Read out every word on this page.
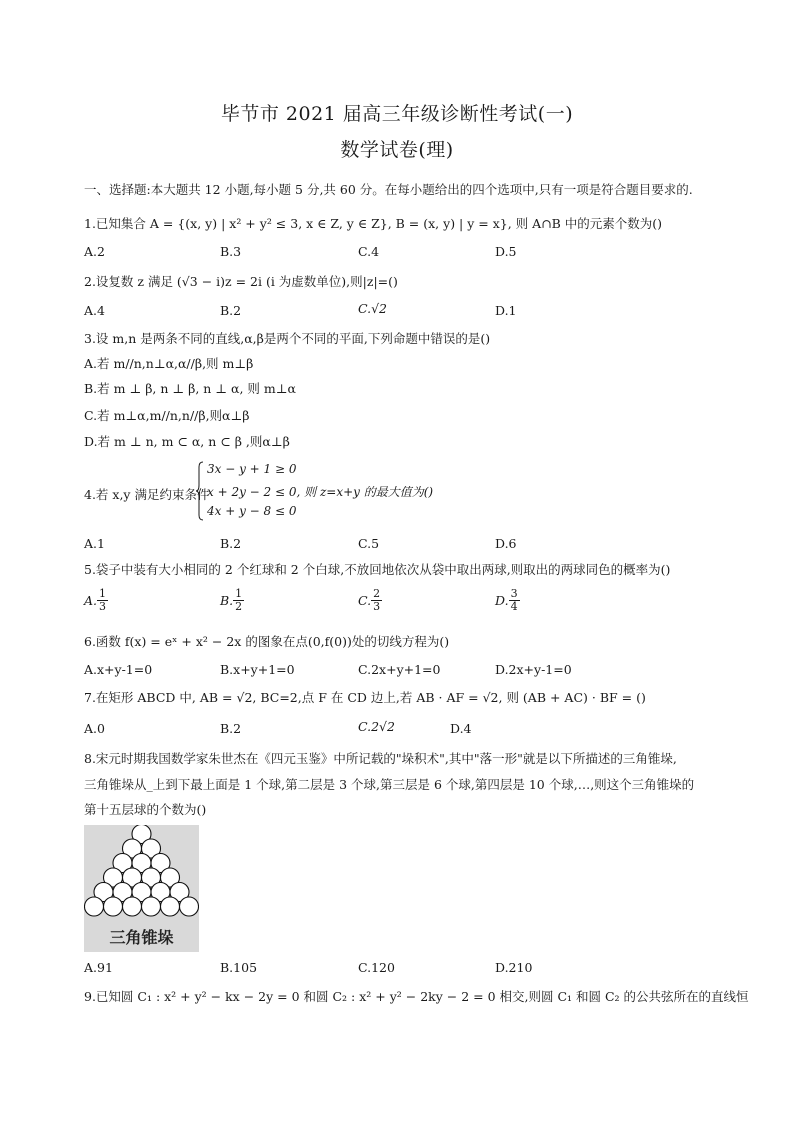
毕节市 2021 届高三年级诊断性考试(一)
数学试卷(理)
一、选择题:本大题共 12 小题,每小题 5 分,共 60 分。在每小题给出的四个选项中,只有一项是符合题目要求的.
1.已知集合 A = {(x, y) | x² + y² ≤ 3, x ∈ Z, y ∈ Z}, B = (x, y) | y = x}, 则 A∩B 中的元素个数为()
A.2	B.3	C.4	D.5
2.设复数 z 满足 (√3 − i)z = 2i (i 为虚数单位),则|z|=()
A.4	B.2	C.√2	D.1
3.设 m,n 是两条不同的直线,α,β是两个不同的平面,下列命题中错误的是()
A.若 m//n,n⊥α,α//β,则 m⊥β
B.若 m ⊥ β, n ⊥ β, n ⊥ α, 则 m⊥α
C.若 m⊥α,m//n,n//β,则α⊥β
D.若 m ⊥ n, m ⊂ α, n ⊂ β ,则α⊥β
4.若 x,y 满足约束条件
3x − y + 1 ≥ 0
x + 2y − 2 ≤ 0, 则 z=x+y 的最大值为()
4x + y − 8 ≤ 0
A.1	B.2	C.5	D.6
5.袋子中装有大小相同的 2 个红球和 2 个白球,不放回地依次从袋中取出两球,则取出的两球同色的概率为()
A. $\frac{1}{3}$	B. $\frac{1}{2}$	C. $\frac{2}{3}$	D. $\frac{3}{4}$
6.函数 f(x) = eˣ + x² − 2x 的图象在点(0,f(0))处的切线方程为()
A.x+y-1=0	B.x+y+1=0	C.2x+y+1=0	D.2x+y-1=0
7.在矩形 ABCD 中, AB = √2, BC=2,点 F 在 CD 边上,若 AB · AF = √2, 则 (AB + AC) · BF = ()
A.0	B.2	C.2√2	D.4
8.宋元时期我国数学家朱世杰在《四元玉鉴》中所记载的"垛积术",其中"落一形"就是以下所描述的三角锥垛,
三角锥垛从_上到下最上面是 1 个球,第二层是 3 个球,第三层是 6 个球,第四层是 10 个球,…,则这个三角锥垛的
第十五层球的个数为()
三角锥垛
A.91	B.105	C.120	D.210
9.已知圆 C₁ : x² + y² − kx − 2y = 0 和圆 C₂ : x² + y² − 2ky − 2 = 0 相交,则圆 C₁ 和圆 C₂ 的公共弦所在的直线恒
